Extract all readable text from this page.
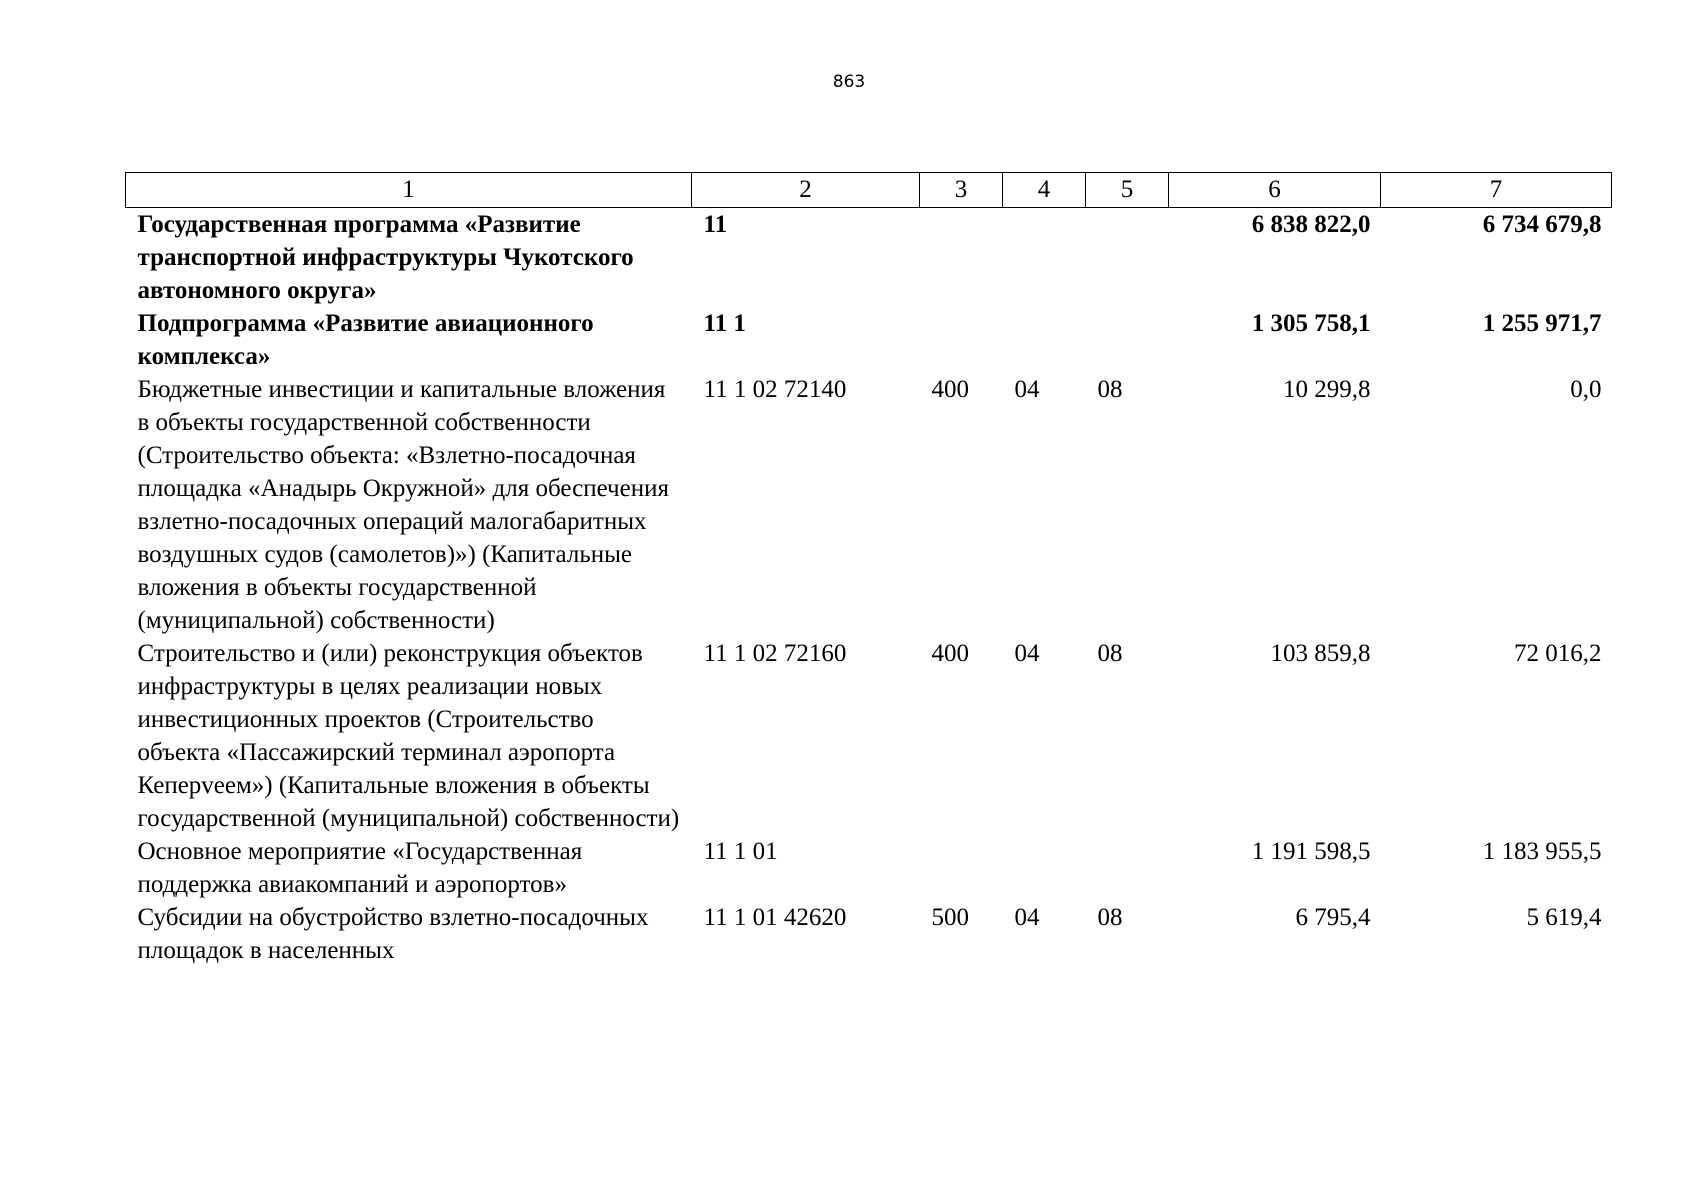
863
1	2	3	4	5	6	7
Государственная программа «Развитие транспортной инфраструктуры Чукотского автономного округа»	11				6 838 822,0	6 734 679,8
Подпрограмма «Развитие авиационного комплекса»	11 1				1 305 758,1	1 255 971,7
Бюджетные инвестиции и капитальные вложения в объекты государственной собственности (Строительство объекта: «Взлетно-посадочная площадка «Анадырь Окружной» для обеспечения взлетно-посадочных операций малогабаритных воздушных судов (самолетов)») (Капитальные вложения в объекты государственной (муниципальной) собственности)	11 1 02 72140	400	04	08	10 299,8	0,0
Строительство и (или) реконструкция объектов инфраструктуры в целях реализации новых инвестиционных проектов (Строительство объекта «Пассажирский терминал аэропорта Кеперveeм») (Капитальные вложения в объекты государственной (муниципальной) собственности)	11 1 02 72160	400	04	08	103 859,8	72 016,2
Основное мероприятие «Государственная поддержка авиакомпаний и аэропортов»	11 1 01				1 191 598,5	1 183 955,5
Субсидии на обустройство взлетно-посадочных площадок в населенных	11 1 01 42620	500	04	08	6 795,4	5 619,4
